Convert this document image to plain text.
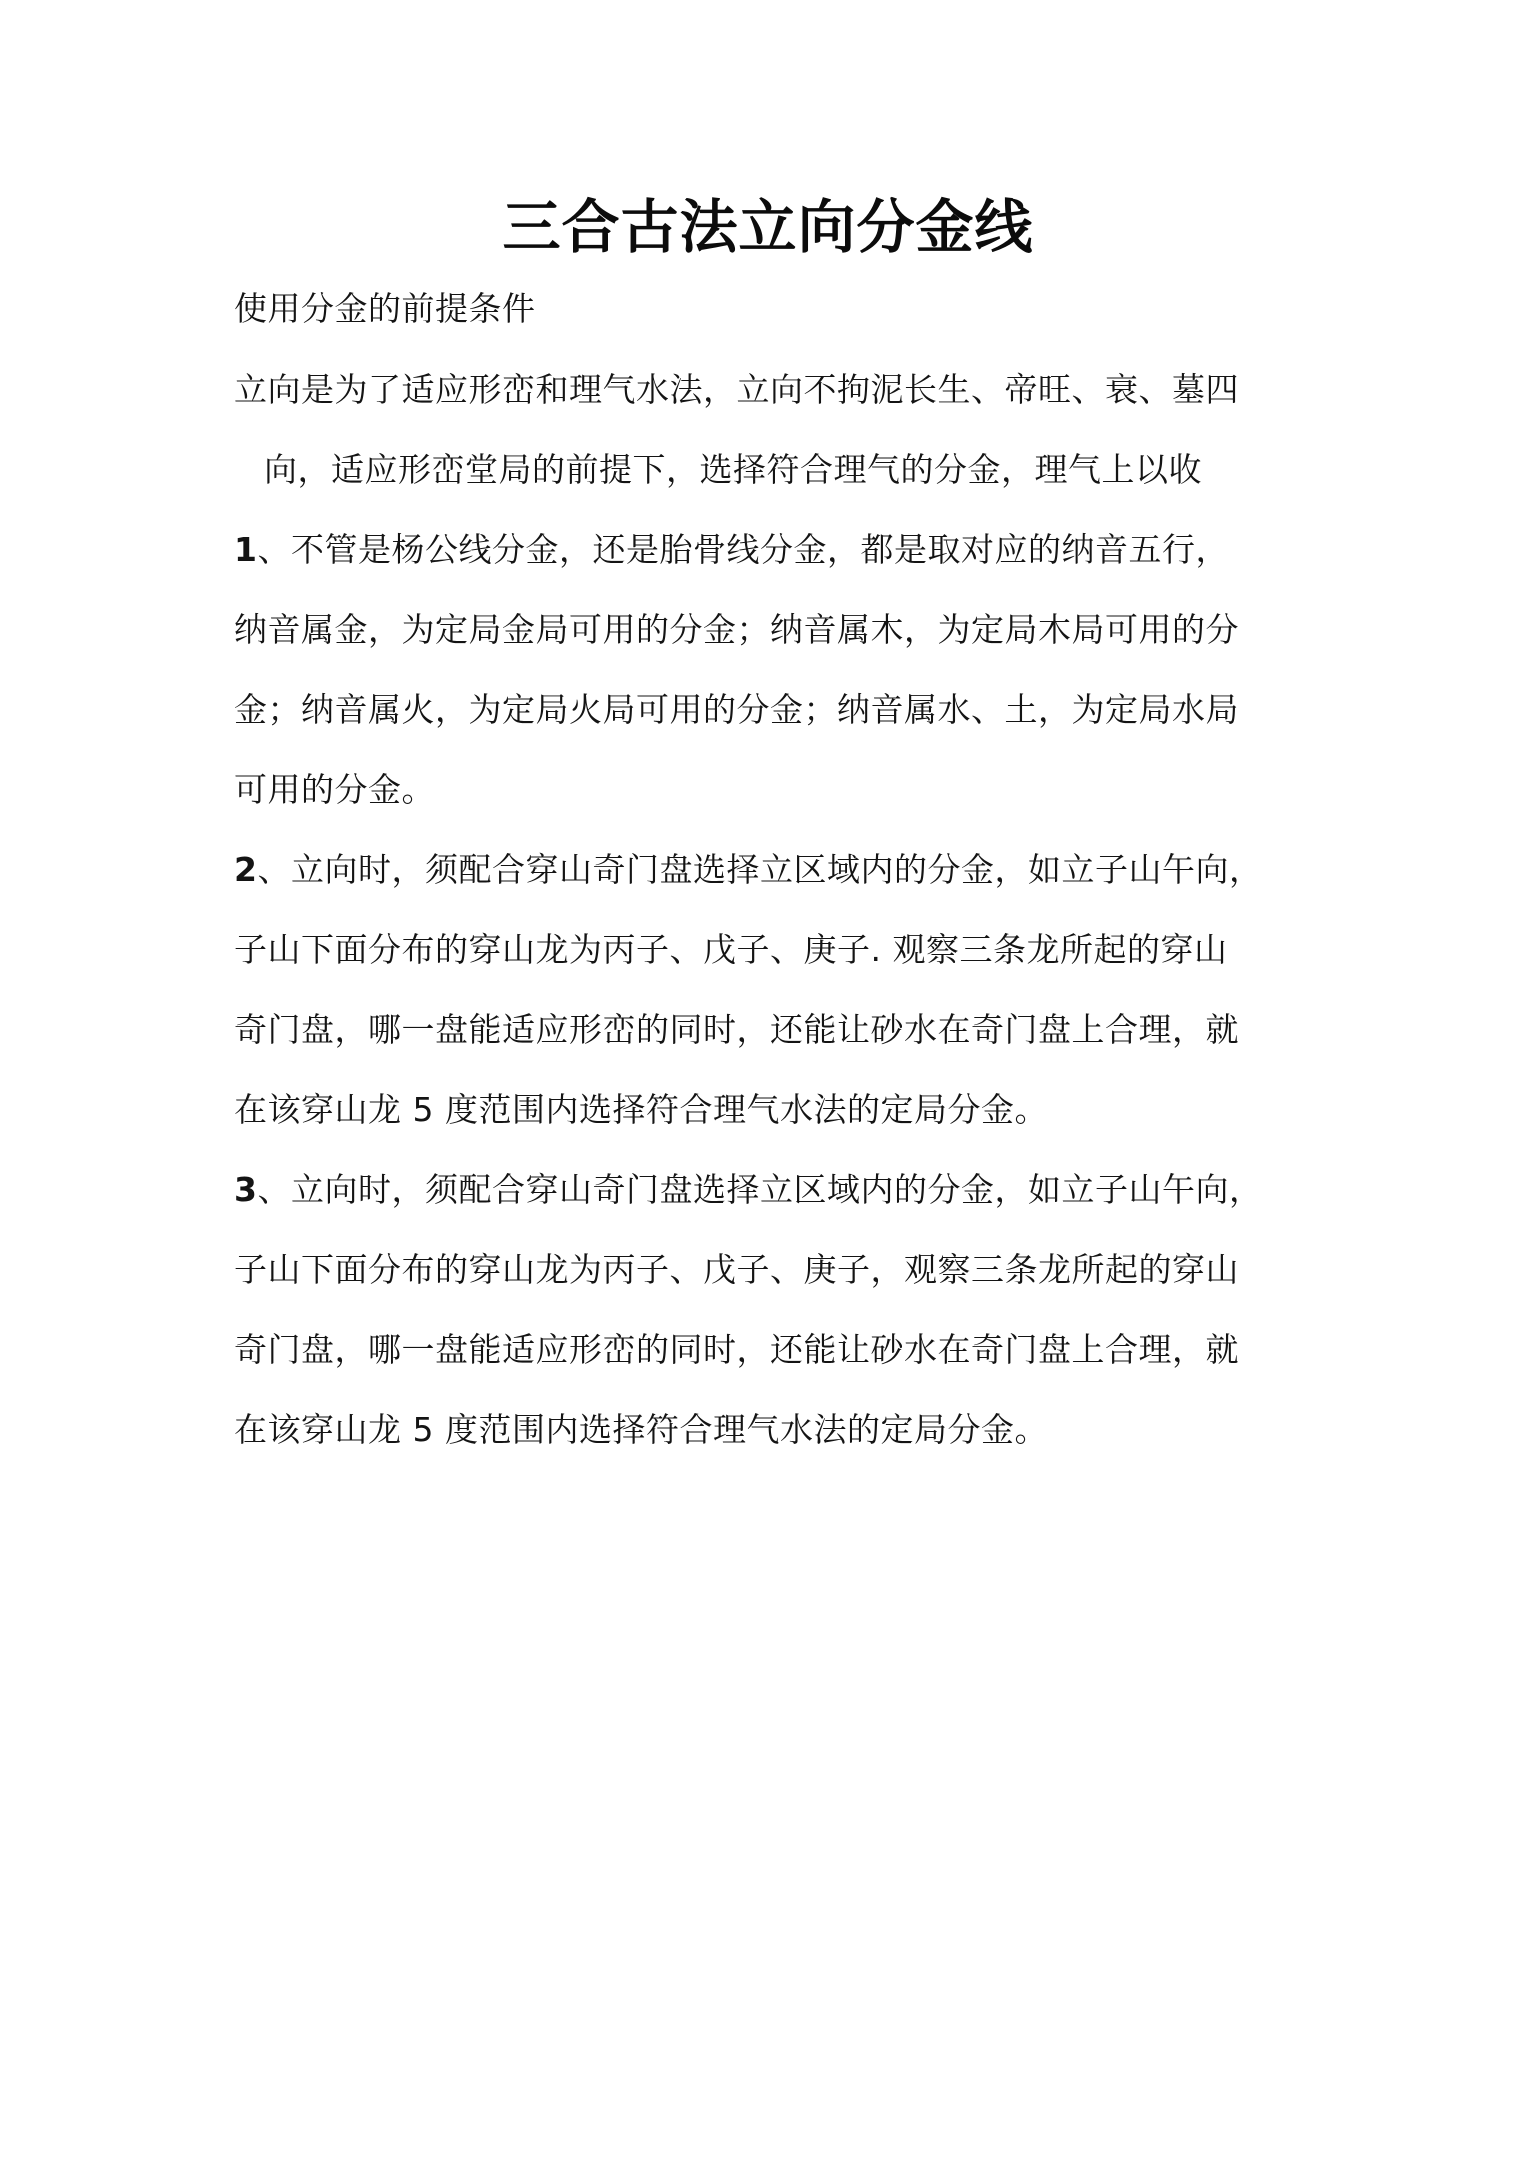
三合古法立向分金线
使用分金的前提条件
立向是为了适应形峦和理气水法，立向不拘泥长生、帝旺、衰、墓四
向，适应形峦堂局的前提下，选择符合理气的分金，理气上以收
1、不管是杨公线分金，还是胎骨线分金，都是取对应的纳音五行，
纳音属金，为定局金局可用的分金；纳音属木，为定局木局可用的分
金；纳音属火，为定局火局可用的分金；纳音属水、土，为定局水局
可用的分金。
2、立向时，须配合穿山奇门盘选择立区域内的分金，如立子山午向，
子山下面分布的穿山龙为丙子、戊子、庚子. 观察三条龙所起的穿山
奇门盘，哪一盘能适应形峦的同时，还能让砂水在奇门盘上合理，就
在该穿山龙 5 度范围内选择符合理气水法的定局分金。
3、立向时，须配合穿山奇门盘选择立区域内的分金，如立子山午向，
子山下面分布的穿山龙为丙子、戊子、庚子，观察三条龙所起的穿山
奇门盘，哪一盘能适应形峦的同时，还能让砂水在奇门盘上合理，就
在该穿山龙 5 度范围内选择符合理气水法的定局分金。
